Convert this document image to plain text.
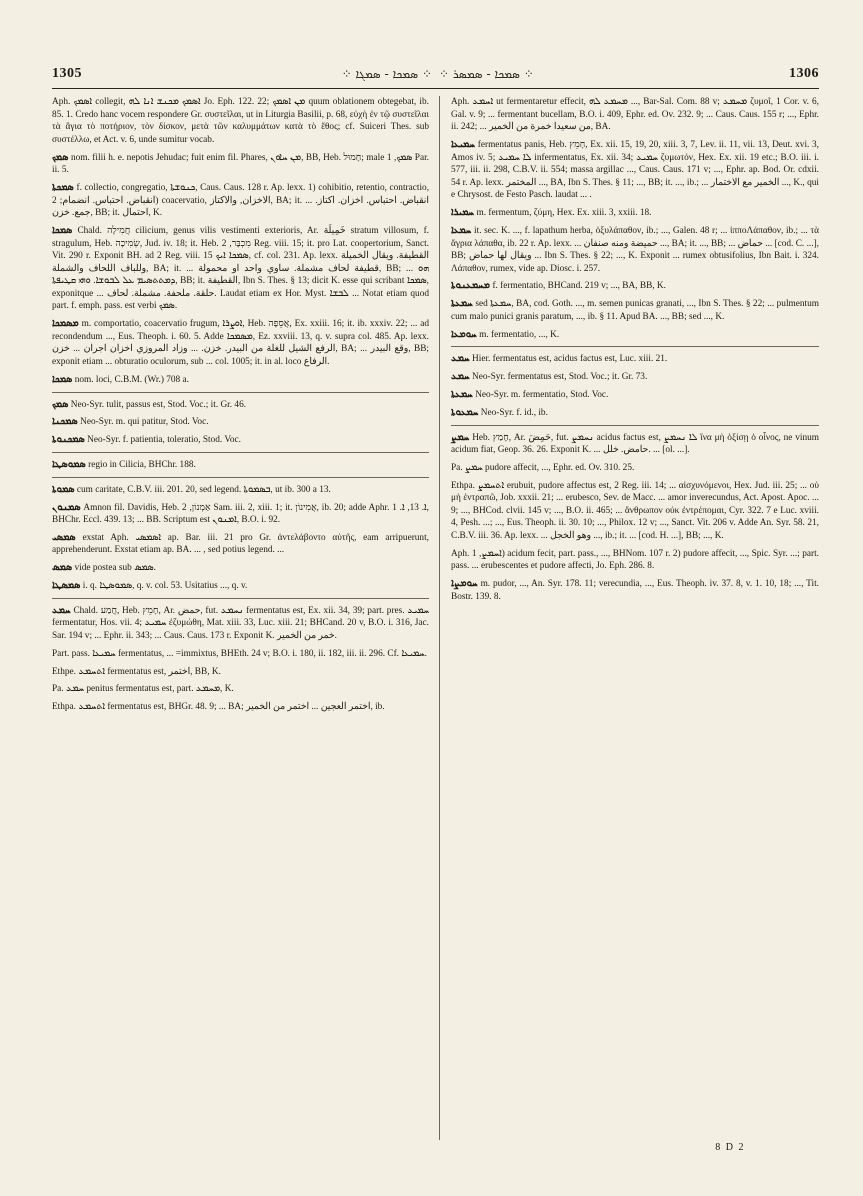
1305	⁘ ܣܡܟܐ - ܣܡܓܐ ⁘ ⁘ ܣܡܟܐ - ܣܡܣܪ ⁘	1306

Aph. ܐܣܡܟ collegit, ܐܣܡܟ ܡܟܢܫ ܐܢܐ ܠܗ Jo. Eph. 122. 22; ܡܢ ܐܣܡܟ quum oblationem obtegebat, ib. 85. 1. Credo hanc vocem respondere Gr. συστεῖλαι, ut in Liturgia Basilii, p. 68, εὐχὴ ἐν τῷ συστεῖλαι τὰ ἅγια τὸ ποτήριον, τὸν δίσκον, μετὰ τῶν καλυμμάτων κατὰ τὸ ἔθος; cf. Suiceri Thes. sub συστέλλω, et Act. v. 6, unde sumitur vocab.

ܣܡܟ nom. filii h. e. nepotis Jehudac; fuit enim fil. Phares, ܡܢ ܚܐܘܢ, BB, Heb. חָמוּל; male ܣܡܟ, 1 Par. ii. 5.

ܣܡܟܬܐ f. collectio, congregatio, ܟܢܘܫܬܐ, Caus. Caus. 128 r. Ap. lexx. 1) cohibitio, retentio, contractio, انقباض. احتباس. انضمام; 2) coacervatio, الاخزان, والاكتاز, BA; it. ... انقباض. احتباس. اخزان. اكتاز. جمع. خزن, BB; it. احتمال, K.

ܣܡܟܐ Chald. חֲמִילָה cilicium, genus vilis vestimenti exterioris, Ar. خَمِيلَة stratum villosum, f. stragulum, Heb. שְׂמִיכָה, Jud. iv. 18; it. Heb. מִכְבָּר, 2 Reg. viii. 15; it. pro Lat. coopertorium, Sanct. Vit. 290 r. Exponit BH. ad 2 Reg. viii. 15 ܣܡܟܐ ܐܝܟ, cf. col. 231. Ap. lexx. القطيفة. ويقال الخميلة وللباف اللحاف والشملة, BA; it. ... قطيفة لحاف مشملة. ساوي واحد او محمولة, BB; ... ܗܘ ܕܡܬܬܣܝܡ ܥܠ ܠܒܘܫܐ. ܘܗܝ ܩܛܝܦܬܐ, BB; it. القطيفة, Ibn S. Thes. § 13; dicit K. esse qui scribant ܣܡܟܐ, exponitque ... حلقة. ملحفة. مشملة. لحاف. Laudat etiam ex Hor. Myst. ܠܒܫܐ ... Notat etiam quod part. f. emph. pass. est verbi ܣܡܟ.

ܡܣܡܟܐ m. comportatio, coacervatio frugum, ܐܘܨܪܐ, Heb. אֲסֵפָה, Ex. xxiii. 16; it. ib. xxxiv. 22; ... ad recondendum ..., Eus. Theoph. i. 60. 5. Adde ܡܣܡܟܐ, Ez. xxviii. 13, q. v. supra col. 485. Ap. lexx. الرفع الشيل للغلة من البيدر. خزن. ... وزاد المروزي اخزان اجران ... خزن, BA; ... وقع البيدر, BB; exponit etiam ... obturatio oculorum, sub ... col. 1005; it. in al. loco الرفاع.

ܣܡܟܐ nom. loci, C.B.M. (Wr.) 708 a.

ܣܡܟ Neo-Syr. tulit, passus est, Stod. Voc.; it. Gr. 46.

ܣܡܟܢܐ Neo-Syr. m. qui patitur, Stod. Voc.

ܣܡܟܢܘܬܐ Neo-Syr. f. patientia, toleratio, Stod. Voc.

ܣܡܘܣܛܐ regio in Cilicia, BHChr. 188.

ܣܡܘܬܐ cum caritate, C.B.V. iii. 201. 20, sed legend. ܒܣܡܘܬܐ, ut ib. 300 a 13.

ܣܡܢܘܢ Amnon fil. Davidis, Heb. אַמְנוֹן, 2 Sam. iii. 2, xiii. 1; it. אֲמִינוֹן, ib. 20; adde Aphr. ܐ. 13, ܐ. 1, BHChr. Eccl. 439. 13; ... BB. Scriptum est ܐܡܢܘܢ, B.O. i. 92.

ܣܡܣܝ exstat Aph. ܐܣܡܣܝ ap. Bar. iii. 21 pro Gr. ἀντελάβοντο αὐτῆς, eam arripuerunt, apprehenderunt. Exstat etiam ap. BA. ... , sed potius legend. ...

ܣܡܣ vide postea sub ܣܡܣ.

ܣܡܣܛܐ i. q. ܣܡܘܣܛܐ, q. v. col. 53. Usitatius ..., q. v.

ܚܡܥ Chald. חֲמַע, Heb. חָמֵץ, Ar. حمض, fut. ܢܚܡܥ fermentatus est, Ex. xii. 34, 39; part. pres. ܚܡܝܥ fermentatur, Hos. vii. 4; ܚܡܝܥ ἐζυμώθη, Mat. xiii. 33, Luc. xiii. 21; BHCand. 20 v, B.O. i. 316, Jac. Sar. 194 v; ... Ephr. ii. 343; ... Caus. Caus. 173 r. Exponit K. خمر من الخمير.

Part. pass. ܚܡܝܥܐ fermentatus, ... =immixtus, BHEth. 24 v; B.O. i. 180, ii. 182, iii. ii. 296. Cf. ܚܡܝܥܐ.

Ethpe. ܐܬܚܡܥ fermentatus est, اختمر, BB, K.

Pa. ܚܡܥ penitus fermentatus est, part. ܡܚܡܥ, K.

Ethpa. ܐܬܚܡܥ fermentatus est, BHGr. 48. 9; ... BA; اختمر العجين ... اختمر من الخمير, ib.

Aph. ܐܚܡܥ ut fermentaretur effecit, ܡܚܡܥ ܠܗ ..., Bar-Sal. Com. 88 v; ܡܚܡܥ ζυμοῖ, 1 Cor. v. 6, Gal. v. 9; ... fermentant bucellam, B.O. i. 409, Ephr. ed. Ov. 232. 9; ... Caus. Caus. 155 r; ..., Ephr. ii. 242; ... من سعيدا خمرة من الخمير, BA.

ܚܡܝܥܐ fermentatus panis, Heb. חָמֵץ, Ex. xii. 15, 19, 20, xiii. 3, 7, Lev. ii. 11, vii. 13, Deut. xvi. 3, Amos iv. 5; ܠܐ ܚܡܝܥ infermentatus, Ex. xii. 34; ܚܡܝܥ ζυμωτόν, Hex. Ex. xii. 19 etc.; B.O. iii. i. 577, iii. ii. 298, C.B.V. ii. 554; massa argillac ..., Caus. Caus. 171 v; ..., Ephr. ap. Bod. Or. cdxii. 54 r. Ap. lexx. المختمر ..., BA, Ibn S. Thes. § 11; ..., BB; it. ..., ib.; ... الخمير مع الاختمار ..., K., qui e Chrysost. de Festo Pasch. laudat ... .

ܚܡܝܪܐ m. fermentum, ζύμη, Hex. Ex. xiii. 3, xxiii. 18.

ܚܡܥܐ it. sec. K. ..., f. lapathum herba, ὀξυλάπαθον, ib.; ..., Galen. 48 r; ... ἱπποΛάπαθον, ib.; ... τὰ ἄγρια λάπαθα, ib. 22 r. Ap. lexx. ... حميضة ومنه صنفان ..., BA; it. ..., BB; ... حماض ... [cod. C. ...], BB; ويقال لها حماض ... Ibn S. Thes. § 22; ..., K. Exponit ... rumex obtusifolius, Ibn Bait. i. 324. Λάπαθον, rumex, vide ap. Diosc. i. 257.

ܡܚܡܥܢܘܬܐ f. fermentatio, BHCand. 219 v; ..., BA, BB, K.

ܚܡܥܬܐ sed ܚܡܥܬܐ, BA, cod. Goth. ..., m. semen punicas granati, ..., Ibn S. Thes. § 22; ... pulmentum cum malo punici granis paratum, ..., ib. § 11. Apud BA. ..., BB; sed ..., K.

ܚܘܡܥܐ m. fermentatio, ..., K.

ܚܡܥ Hier. fermentatus est, acidus factus est, Luc. xiii. 21.

ܚܡܥ Neo-Syr. fermentatus est, Stod. Voc.; it. Gr. 73.

ܚܡܥܬܐ Neo-Syr. m. fermentatio, Stod. Voc.

ܚܡܥܘܬܐ Neo-Syr. f. id., ib.

ܚܡܨ Heb. חָמַץ, Ar. حَمِضَ, fut. ܢܚܡܨ acidus factus est, ܠܐ ܢܚܡܨ ἵνα μὴ ὀξίσῃ ὁ οἶνος, ne vinum acidum fiat, Geop. 36. 26. Exponit K. ... حامض. خلل. ... [ol. ...].

Pa. ܚܡܨ pudore affecit, ..., Ephr. ed. Ov. 310. 25.

Ethpa. ܐܬܚܡܨ erubuit, pudore affectus est, 2 Reg. iii. 14; ... αἰσχυνόμενοι, Hex. Jud. iii. 25; ... οὐ μὴ ἐντραπῶ, Job. xxxii. 21; ... erubesco, Sev. de Macc. ... amor inverecundus, Act. Apost. Apoc. ... 9; ..., BHCod. clvii. 145 v; ..., B.O. ii. 465; ... ἄνθρωπον οὐκ ἐντρέπομαι, Cyr. 322. 7 e Luc. xviii. 4, Pesh. ...; ..., Eus. Theoph. ii. 30. 10; ..., Philox. 12 v; ..., Sanct. Vit. 206 v. Adde An. Syr. 58. 21, C.B.V. iii. 36. Ap. lexx. ... وهو الخجل ..., ib.; it. ... [cod. H. ...], BB; ..., K.

Aph. ܐܚܡܨ, 1) acidum fecit, part. pass., ..., BHNom. 107 r. 2) pudore affecit, ..., Spic. Syr. ...; part. pass. ... erubescentes et pudore affecti, Jo. Eph. 286. 8.

ܚܘܡܨܐ m. pudor, ..., An. Syr. 178. 11; verecundia, ..., Eus. Theoph. iv. 37. 8, v. 1. 10, 18; ..., Tit. Bostr. 139. 8.

8 D 2
